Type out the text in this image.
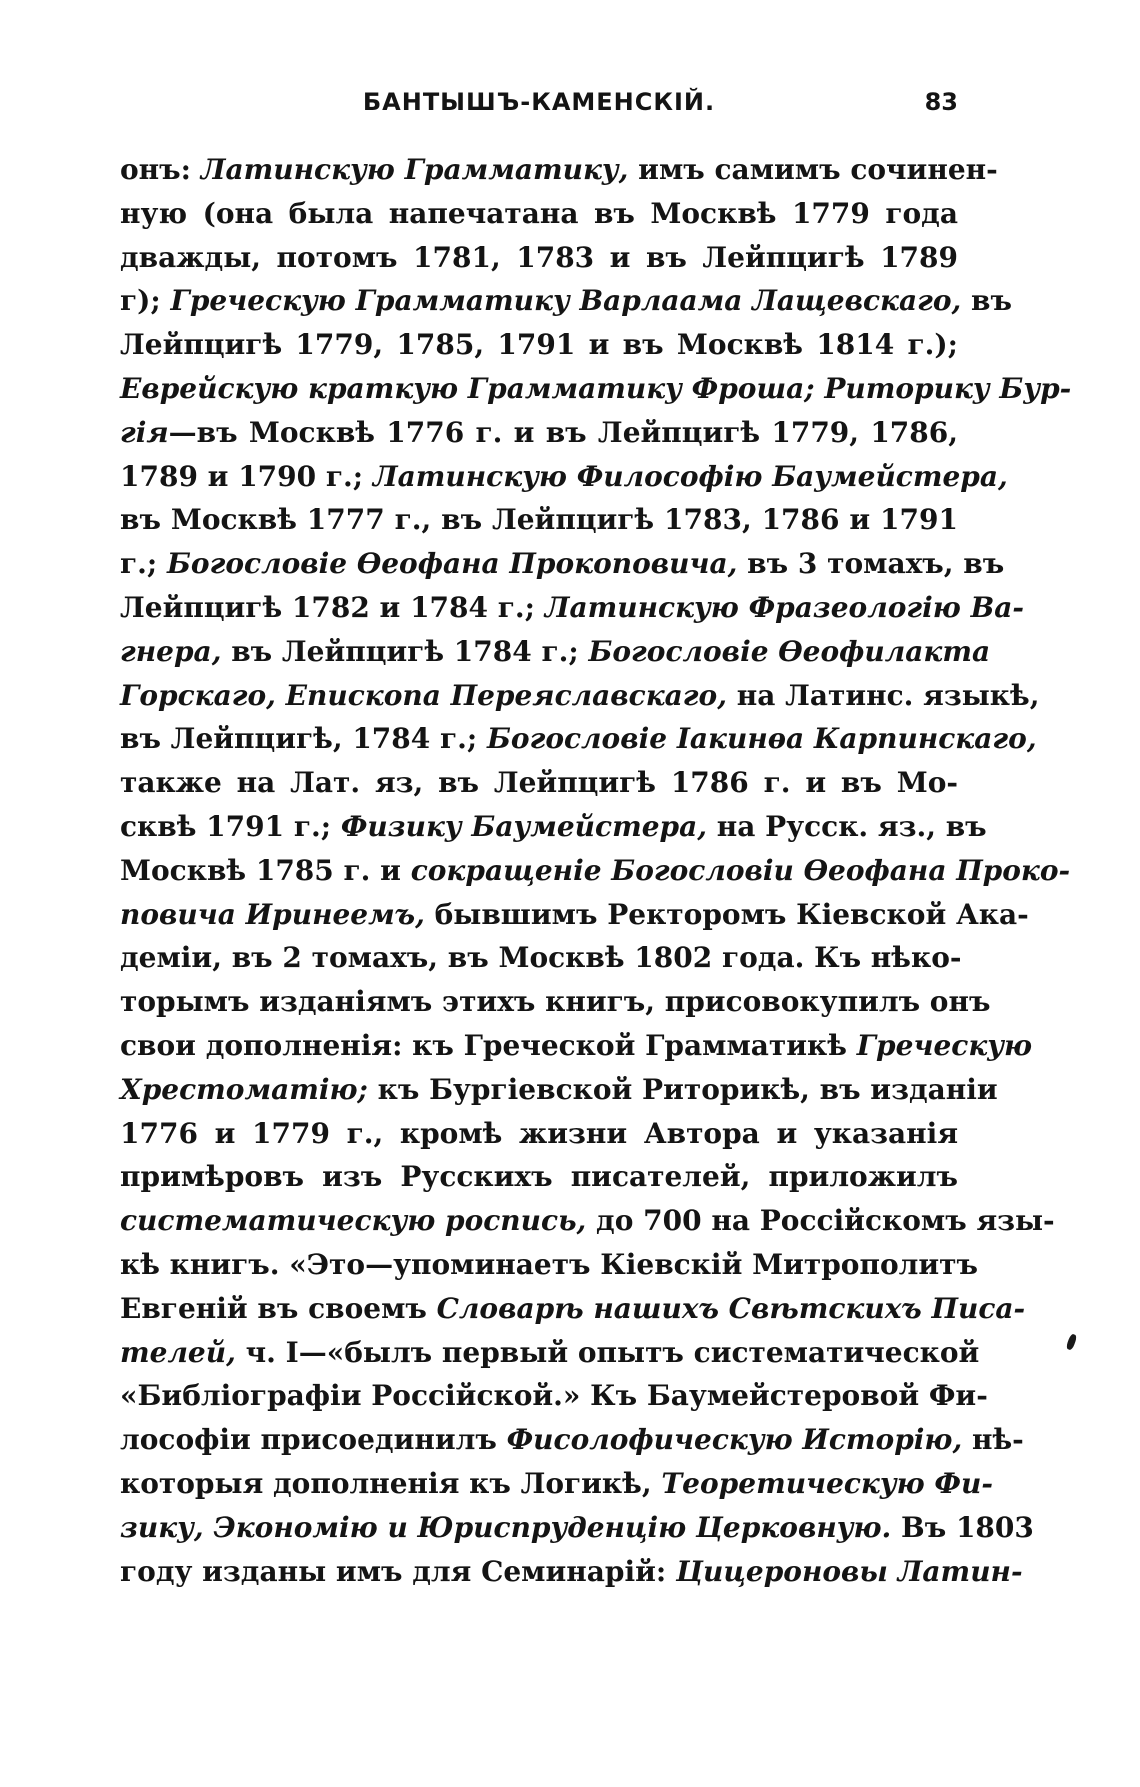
БАНТЫШЪ-КАМЕНСКІЙ.	83
онъ: Латинскую Грамматику, имъ самимъ сочинен-
ную (она была напечатана въ Москвѣ 1779 года
дважды, потомъ 1781, 1783 и въ Лейпцигѣ 1789
г); Греческую Грамматику Варлаама Лащевскаго, въ
Лейпцигѣ 1779, 1785, 1791 и въ Москвѣ 1814 г.);
Еврейскую краткую Грамматику Фроша; Риторику Бур-
гія—въ Москвѣ 1776 г. и въ Лейпцигѣ 1779, 1786,
1789 и 1790 г.; Латинскую Философію Баумейстера,
въ Москвѣ 1777 г., въ Лейпцигѣ 1783, 1786 и 1791
г.; Богословіе Ѳеофана Прокоповича, въ 3 томахъ, въ
Лейпцигѣ 1782 и 1784 г.; Латинскую Фразеологію Ва-
гнера, въ Лейпцигѣ 1784 г.; Богословіе Ѳеофилакта
Горскаго, Епископа Переяславскаго, на Латинс. языкѣ,
въ Лейпцигѣ, 1784 г.; Богословіе Іакинѳа Карпинскаго,
также на Лат. яз, въ Лейпцигѣ 1786 г. и въ Мо-
сквѣ 1791 г.; Физику Баумейстера, на Русск. яз., въ
Москвѣ 1785 г. и сокращеніе Богословіи Ѳеофана Проко-
повича Иринеемъ, бывшимъ Ректоромъ Кіевской Ака-
деміи, въ 2 томахъ, въ Москвѣ 1802 года. Къ нѣко-
торымъ изданіямъ этихъ книгъ, присовокупилъ онъ
свои дополненія: къ Греческой Грамматикѣ Греческую
Хрестоматію; къ Бургіевской Риторикѣ, въ изданіи
1776 и 1779 г., кромѣ жизни Автора и указанія
примѣровъ изъ Русскихъ писателей, приложилъ
систематическую роспись, до 700 на Россійскомъ язы-
кѣ книгъ. «Это—упоминаетъ Кіевскій Митрополитъ
Евгеній въ своемъ Словарѣ нашихъ Свѣтскихъ Писа-
телей, ч. І—«былъ первый опытъ систематической
«Библіографіи Россійской.» Къ Баумейстеровой Фи-
лософіи присоединилъ Фисолофическую Исторію, нѣ-
которыя дополненія къ Логикѣ, Теоретическую Фи-
зику, Экономію и Юриспруденцію Церковную. Въ 1803
году изданы имъ для Семинарій: Цицероновы Латин-
